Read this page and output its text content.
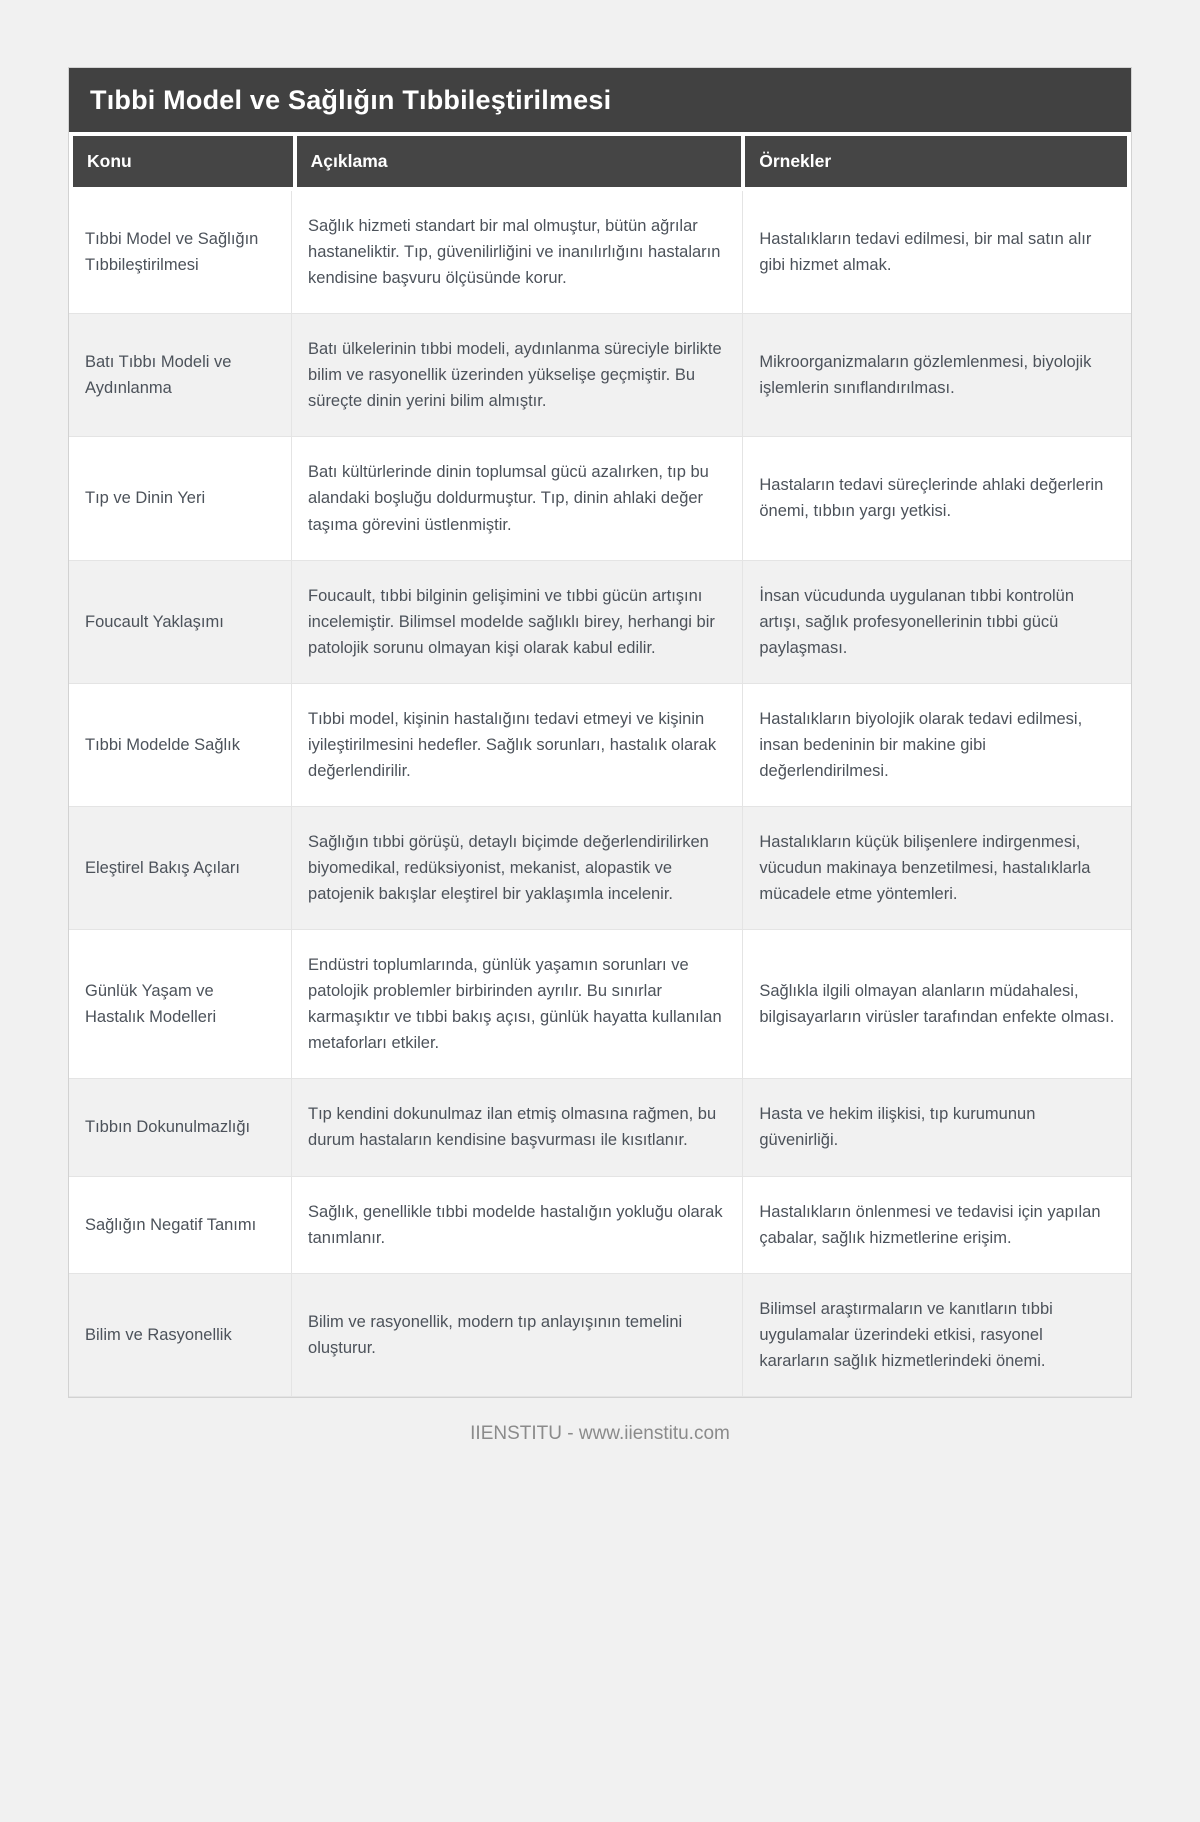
Tıbbi Model ve Sağlığın Tıbbileştirilmesi
Konu	Açıklama	Örnekler
Tıbbi Model ve Sağlığın Tıbbileştirilmesi	Sağlık hizmeti standart bir mal olmuştur, bütün ağrılar hastaneliktir. Tıp, güvenilirliğini ve inanılırlığını hastaların kendisine başvuru ölçüsünde korur.	Hastalıkların tedavi edilmesi, bir mal satın alır gibi hizmet almak.
Batı Tıbbı Modeli ve Aydınlanma	Batı ülkelerinin tıbbi modeli, aydınlanma süreciyle birlikte bilim ve rasyonellik üzerinden yükselişe geçmiştir. Bu süreçte dinin yerini bilim almıştır.	Mikroorganizmaların gözlemlenmesi, biyolojik işlemlerin sınıflandırılması.
Tıp ve Dinin Yeri	Batı kültürlerinde dinin toplumsal gücü azalırken, tıp bu alandaki boşluğu doldurmuştur. Tıp, dinin ahlaki değer taşıma görevini üstlenmiştir.	Hastaların tedavi süreçlerinde ahlaki değerlerin önemi, tıbbın yargı yetkisi.
Foucault Yaklaşımı	Foucault, tıbbi bilginin gelişimini ve tıbbi gücün artışını incelemiştir. Bilimsel modelde sağlıklı birey, herhangi bir patolojik sorunu olmayan kişi olarak kabul edilir.	İnsan vücudunda uygulanan tıbbi kontrolün artışı, sağlık profesyonellerinin tıbbi gücü paylaşması.
Tıbbi Modelde Sağlık	Tıbbi model, kişinin hastalığını tedavi etmeyi ve kişinin iyileştirilmesini hedefler. Sağlık sorunları, hastalık olarak değerlendirilir.	Hastalıkların biyolojik olarak tedavi edilmesi, insan bedeninin bir makine gibi değerlendirilmesi.
Eleştirel Bakış Açıları	Sağlığın tıbbi görüşü, detaylı biçimde değerlendirilirken biyomedikal, redüksiyonist, mekanist, alopastik ve patojenik bakışlar eleştirel bir yaklaşımla incelenir.	Hastalıkların küçük bilişenlere indirgenmesi, vücudun makinaya benzetilmesi, hastalıklarla mücadele etme yöntemleri.
Günlük Yaşam ve Hastalık Modelleri	Endüstri toplumlarında, günlük yaşamın sorunları ve patolojik problemler birbirinden ayrılır. Bu sınırlar karmaşıktır ve tıbbi bakış açısı, günlük hayatta kullanılan metaforları etkiler.	Sağlıkla ilgili olmayan alanların müdahalesi, bilgisayarların virüsler tarafından enfekte olması.
Tıbbın Dokunulmazlığı	Tıp kendini dokunulmaz ilan etmiş olmasına rağmen, bu durum hastaların kendisine başvurması ile kısıtlanır.	Hasta ve hekim ilişkisi, tıp kurumunun güvenirliği.
Sağlığın Negatif Tanımı	Sağlık, genellikle tıbbi modelde hastalığın yokluğu olarak tanımlanır.	Hastalıkların önlenmesi ve tedavisi için yapılan çabalar, sağlık hizmetlerine erişim.
Bilim ve Rasyonellik	Bilim ve rasyonellik, modern tıp anlayışının temelini oluşturur.	Bilimsel araştırmaların ve kanıtların tıbbi uygulamalar üzerindeki etkisi, rasyonel kararların sağlık hizmetlerindeki önemi.
IIENSTITU - www.iienstitu.com
